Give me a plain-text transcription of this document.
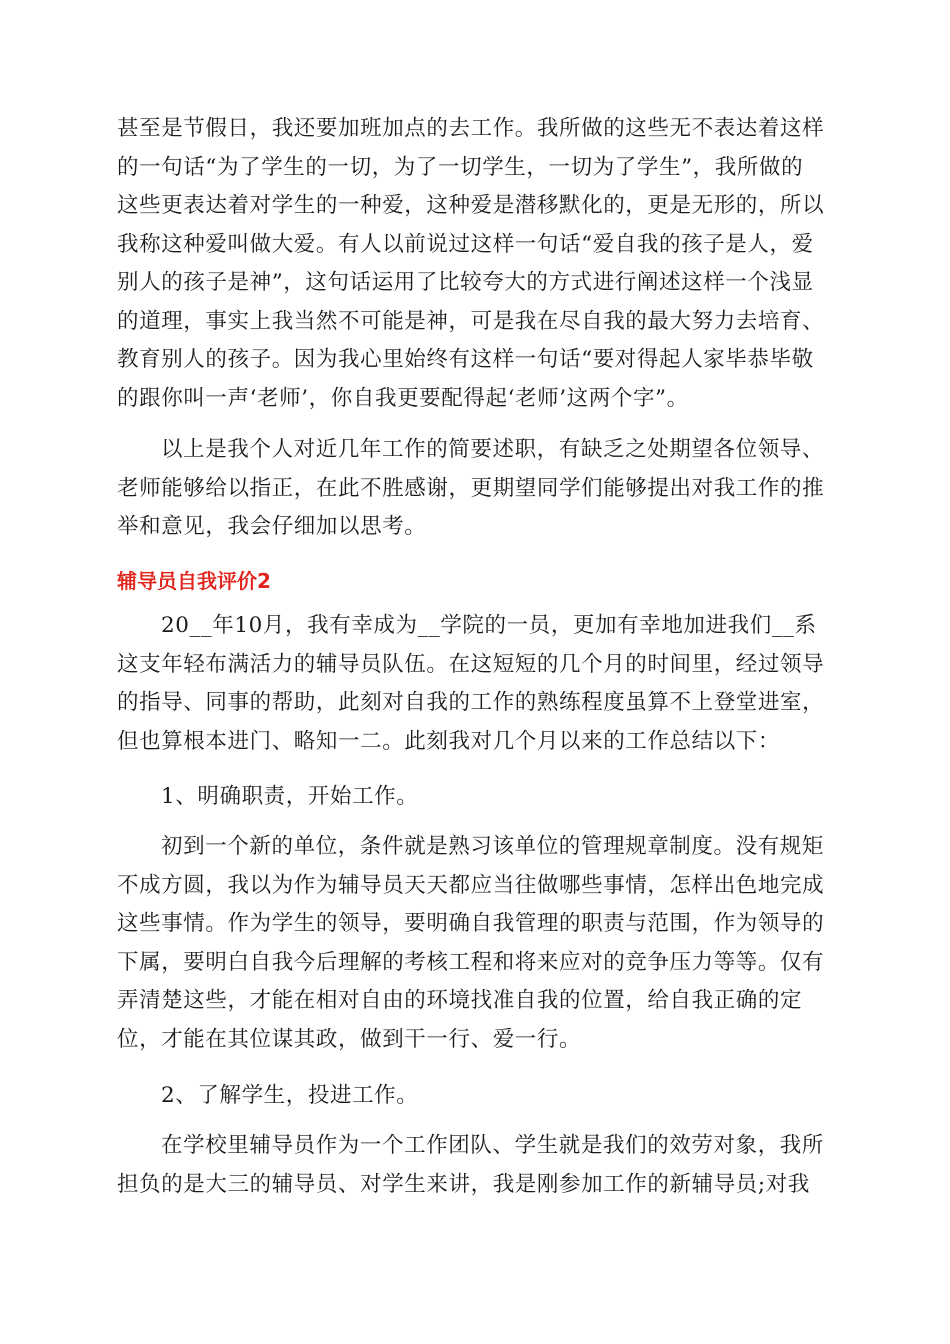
甚至是节假日，我还要加班加点的去工作。我所做的这些无不表达着这样
的一句话“为了学生的一切，为了一切学生，一切为了学生”，我所做的
这些更表达着对学生的一种爱，这种爱是潜移默化的，更是无形的，所以
我称这种爱叫做大爱。有人以前说过这样一句话“爱自我的孩子是人，爱
别人的孩子是神”，这句话运用了比较夸大的方式进行阐述这样一个浅显
的道理，事实上我当然不可能是神，可是我在尽自我的最大努力去培育、
教育别人的孩子。因为我心里始终有这样一句话“要对得起人家毕恭毕敬
的跟你叫一声‘老师’，你自我更要配得起‘老师’这两个字”。
以上是我个人对近几年工作的简要述职，有缺乏之处期望各位领导、
老师能够给以指正，在此不胜感谢，更期望同学们能够提出对我工作的推
举和意见，我会仔细加以思考。
辅导员自我评价2
20__年10月，我有幸成为__学院的一员，更加有幸地加进我们__系
这支年轻布满活力的辅导员队伍。在这短短的几个月的时间里，经过领导
的指导、同事的帮助，此刻对自我的工作的熟练程度虽算不上登堂进室，
但也算根本进门、略知一二。此刻我对几个月以来的工作总结以下：
1、明确职责，开始工作。
初到一个新的单位，条件就是熟习该单位的管理规章制度。没有规矩
不成方圆，我以为作为辅导员天天都应当往做哪些事情，怎样出色地完成
这些事情。作为学生的领导，要明确自我管理的职责与范围，作为领导的
下属，要明白自我今后理解的考核工程和将来应对的竞争压力等等。仅有
弄清楚这些，才能在相对自由的环境找准自我的位置，给自我正确的定
位，才能在其位谋其政，做到干一行、爱一行。
2、了解学生，投进工作。
在学校里辅导员作为一个工作团队、学生就是我们的效劳对象，我所
担负的是大三的辅导员、对学生来讲，我是刚参加工作的新辅导员;对我
